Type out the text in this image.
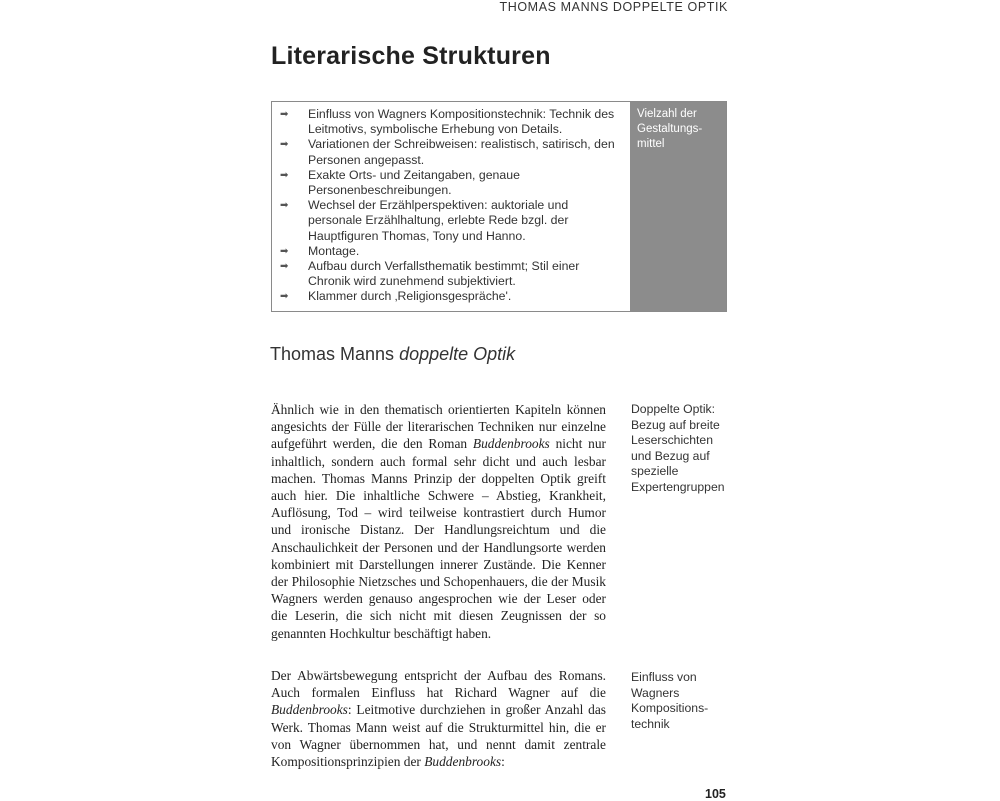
THOMAS MANNS DOPPELTE OPTIK
Literarische Strukturen
➡	Einfluss von Wagners Kompositionstechnik: Technik des Leitmotivs, symbolische Erhebung von Details.
➡	Variationen der Schreibweisen: realistisch, satirisch, den Personen angepasst.
➡	Exakte Orts- und Zeitangaben, genaue Personenbeschreibungen.
➡	Wechsel der Erzählperspektiven: auktoriale und personale Erzählhaltung, erlebte Rede bzgl. der Hauptfiguren Thomas, Tony und Hanno.
➡	Montage.
➡	Aufbau durch Verfallsthematik bestimmt; Stil einer Chronik wird zunehmend subjektiviert.
➡	Klammer durch ‚Religionsgespräche'.
Vielzahl der Gestaltungs- mittel
Thomas Manns doppelte Optik

Ähnlich wie in den thematisch orientierten Kapiteln können angesichts der Fülle der literarischen Techniken nur einzelne aufgeführt werden, die den Roman Buddenbrooks nicht nur inhaltlich, sondern auch formal sehr dicht und auch lesbar machen. Thomas Manns Prinzip der doppelten Optik greift auch hier. Die inhaltliche Schwere – Abstieg, Krankheit, Auflösung, Tod – wird teilweise kontrastiert durch Humor und ironische Distanz. Der Handlungsreichtum und die Anschaulichkeit der Personen und der Handlungsorte werden kombiniert mit Darstellungen innerer Zustände. Die Kenner der Philosophie Nietzsches und Schopenhauers, die der Musik Wagners werden genauso angesprochen wie der Leser oder die Leserin, die sich nicht mit diesen Zeugnissen der so genannten Hochkultur beschäftigt haben.

Doppelte Optik: Bezug auf breite Leserschichten und Bezug auf spezielle Expertengruppen

Der Abwärtsbewegung entspricht der Aufbau des Romans. Auch formalen Einfluss hat Richard Wagner auf die Buddenbrooks: Leitmotive durchziehen in großer Anzahl das Werk. Thomas Mann weist auf die Strukturmittel hin, die er von Wagner übernommen hat, und nennt damit zentrale Kompositionsprinzipien der Buddenbrooks:

Einfluss von Wagners Kompositions- technik
105
